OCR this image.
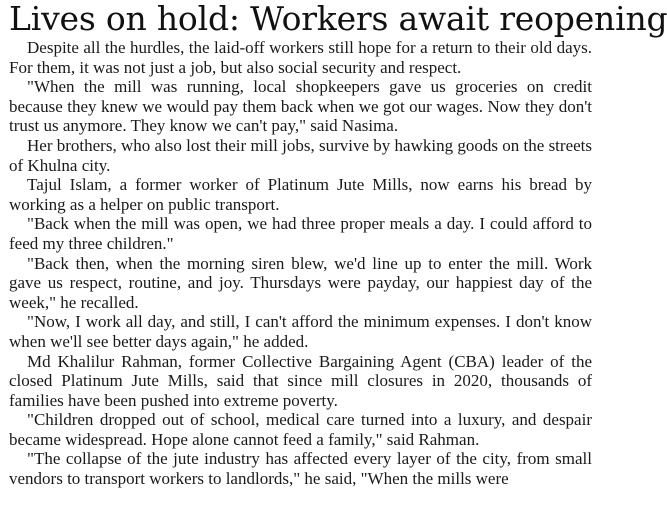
Lives on hold: Workers await reopening

Despite all the hurdles, the laid-off workers still hope for a return to their old days. For them, it was not just a job, but also social security and respect.

"When the mill was running, local shopkeepers gave us groceries on credit because they knew we would pay them back when we got our wages. Now they don't trust us anymore. They know we can't pay," said Nasima.

Her brothers, who also lost their mill jobs, survive by hawking goods on the streets of Khulna city.

Tajul Islam, a former worker of Platinum Jute Mills, now earns his bread by working as a helper on public transport.

"Back when the mill was open, we had three proper meals a day. I could afford to feed my three children."

"Back then, when the morning siren blew, we'd line up to enter the mill. Work gave us respect, routine, and joy. Thursdays were payday, our happiest day of the week," he recalled.

"Now, I work all day, and still, I can't afford the minimum expenses. I don't know when we'll see better days again," he added.

Md Khalilur Rahman, former Collective Bargaining Agent (CBA) leader of the closed Platinum Jute Mills, said that since mill closures in 2020, thousands of families have been pushed into extreme poverty.

"Children dropped out of school, medical care turned into a luxury, and despair became widespread. Hope alone cannot feed a family," said Rahman.

"The collapse of the jute industry has affected every layer of the city, from small vendors to transport workers to landlords," he said, "When the mills were
